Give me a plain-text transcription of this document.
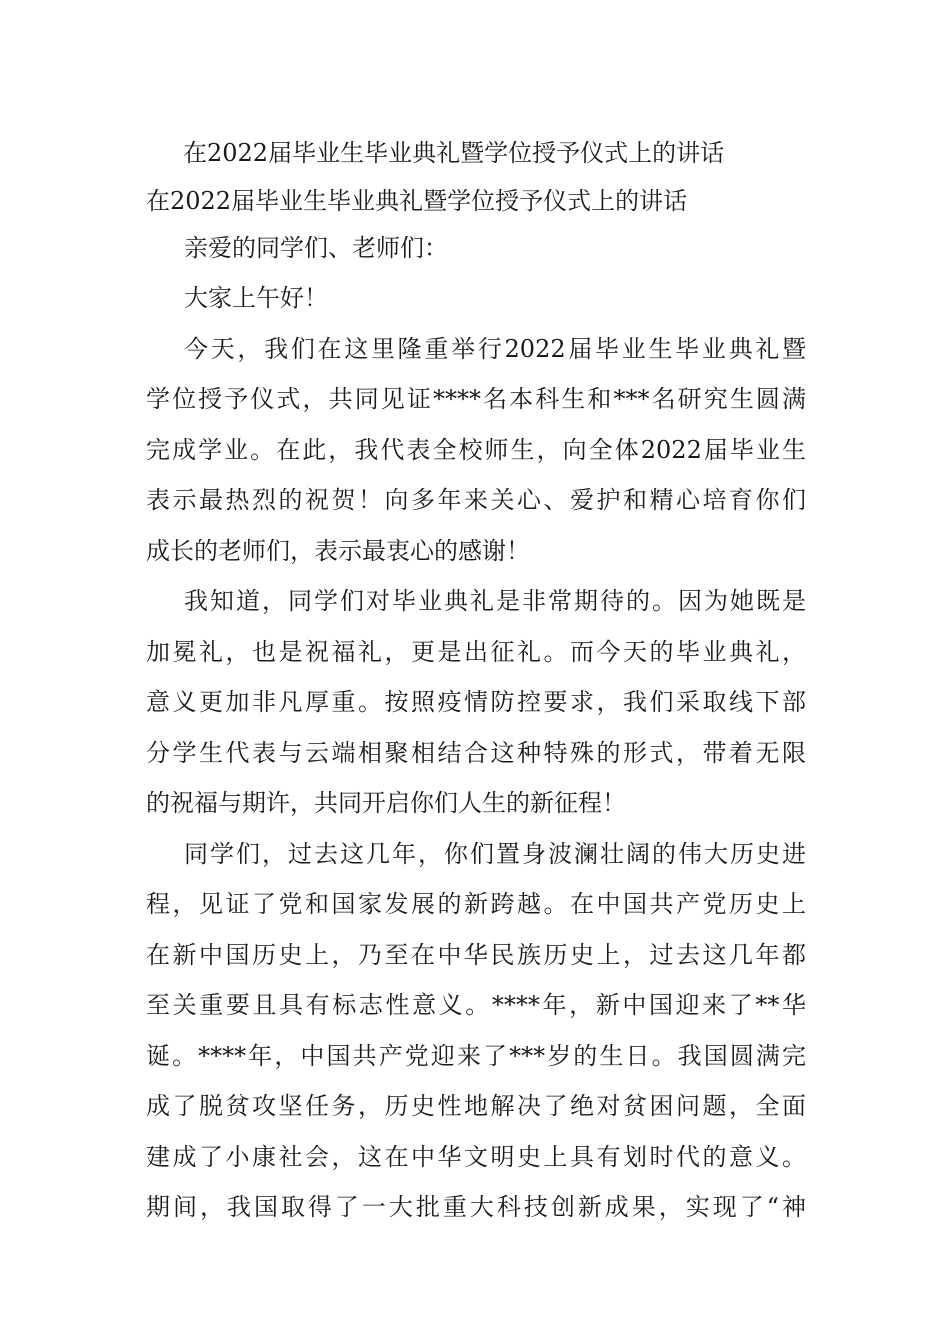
在2022届毕业生毕业典礼暨学位授予仪式上的讲话
在2022届毕业生毕业典礼暨学位授予仪式上的讲话
亲爱的同学们、老师们：
大家上午好！
今天，我们在这里隆重举行2022届毕业生毕业典礼暨
学位授予仪式，共同见证****名本科生和***名研究生圆满
完成学业。在此，我代表全校师生，向全体2022届毕业生
表示最热烈的祝贺！向多年来关心、爱护和精心培育你们
成长的老师们，表示最衷心的感谢！
我知道，同学们对毕业典礼是非常期待的。因为她既是
加冕礼，也是祝福礼，更是出征礼。而今天的毕业典礼，
意义更加非凡厚重。按照疫情防控要求，我们采取线下部
分学生代表与云端相聚相结合这种特殊的形式，带着无限
的祝福与期许，共同开启你们人生的新征程！
同学们，过去这几年，你们置身波澜壮阔的伟大历史进
程，见证了党和国家发展的新跨越。在中国共产党历史上
在新中国历史上，乃至在中华民族历史上，过去这几年都
至关重要且具有标志性意义。****年，新中国迎来了**华
诞。****年，中国共产党迎来了***岁的生日。我国圆满完
成了脱贫攻坚任务，历史性地解决了绝对贫困问题，全面
建成了小康社会，这在中华文明史上具有划时代的意义。
期间，我国取得了一大批重大科技创新成果，实现了“神
